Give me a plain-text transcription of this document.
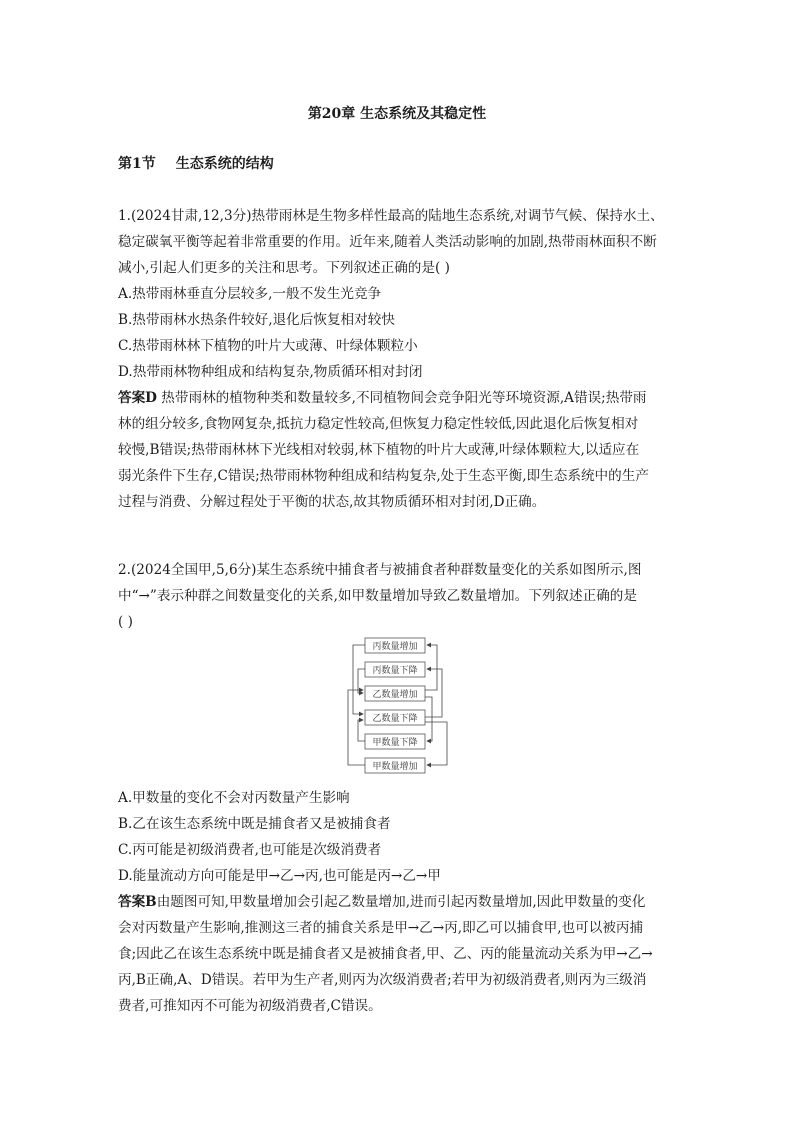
第20章 生态系统及其稳定性
第1节 生态系统的结构
1.(2024甘肃,12,3分)热带雨林是生物多样性最高的陆地生态系统,对调节气候、保持水土、
稳定碳氧平衡等起着非常重要的作用。近年来,随着人类活动影响的加剧,热带雨林面积不断
减小,引起人们更多的关注和思考。下列叙述正确的是( )
A.热带雨林垂直分层较多,一般不发生光竞争
B.热带雨林水热条件较好,退化后恢复相对较快
C.热带雨林林下植物的叶片大或薄、叶绿体颗粒小
D.热带雨林物种组成和结构复杂,物质循环相对封闭
答案D 热带雨林的植物种类和数量较多,不同植物间会竞争阳光等环境资源,A错误;热带雨
林的组分较多,食物网复杂,抵抗力稳定性较高,但恢复力稳定性较低,因此退化后恢复相对
较慢,B错误;热带雨林林下光线相对较弱,林下植物的叶片大或薄,叶绿体颗粒大,以适应在
弱光条件下生存,C错误;热带雨林物种组成和结构复杂,处于生态平衡,即生态系统中的生产
过程与消费、分解过程处于平衡的状态,故其物质循环相对封闭,D正确。
2.(2024全国甲,5,6分)某生态系统中捕食者与被捕食者种群数量变化的关系如图所示,图
中“→”表示种群之间数量变化的关系,如甲数量增加导致乙数量增加。下列叙述正确的是
( )
丙数量增加
丙数量下降
乙数量增加
乙数量下降
甲数量下降
甲数量增加
A.甲数量的变化不会对丙数量产生影响
B.乙在该生态系统中既是捕食者又是被捕食者
C.丙可能是初级消费者,也可能是次级消费者
D.能量流动方向可能是甲→乙→丙,也可能是丙→乙→甲
答案B由题图可知,甲数量增加会引起乙数量增加,进而引起丙数量增加,因此甲数量的变化
会对丙数量产生影响,推测这三者的捕食关系是甲→乙→丙,即乙可以捕食甲,也可以被丙捕
食;因此乙在该生态系统中既是捕食者又是被捕食者,甲、乙、丙的能量流动关系为甲→乙→
丙,B正确,A、D错误。若甲为生产者,则丙为次级消费者;若甲为初级消费者,则丙为三级消
费者,可推知丙不可能为初级消费者,C错误。
